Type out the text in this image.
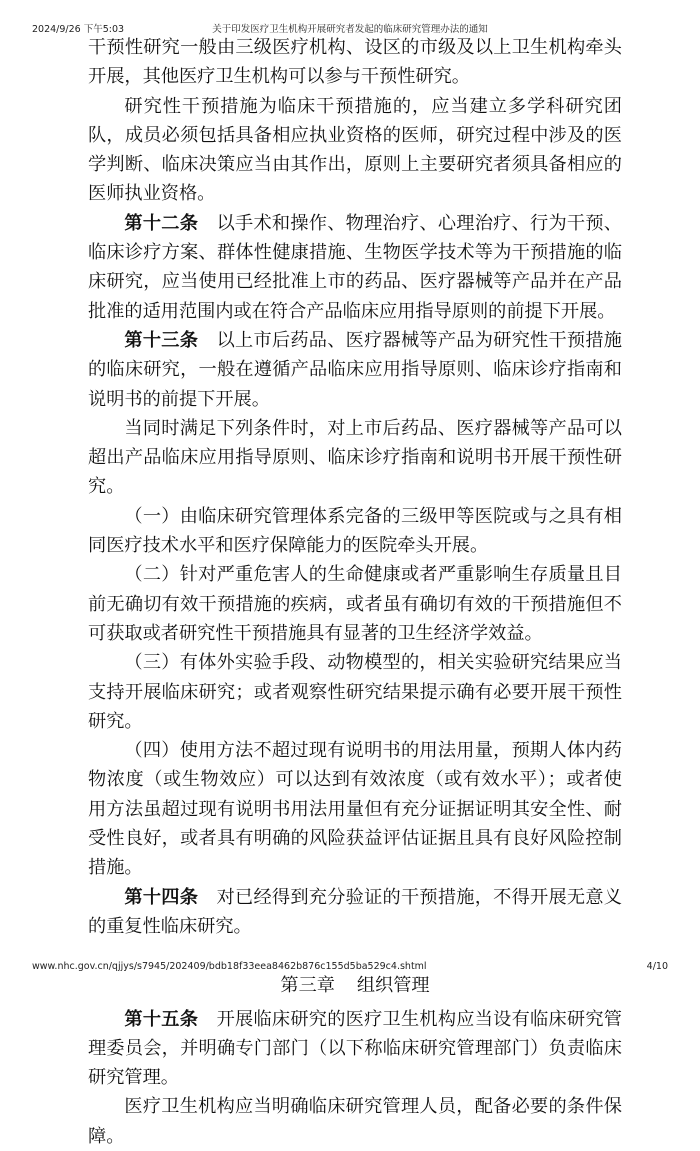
2024/9/26 下午5:03	关于印发医疗卫生机构开展研究者发起的临床研究管理办法的通知

干预性研究一般由三级医疗机构、设区的市级及以上卫生机构牵头开展，其他医疗卫生机构可以参与干预性研究。

研究性干预措施为临床干预措施的，应当建立多学科研究团队，成员必须包括具备相应执业资格的医师，研究过程中涉及的医学判断、临床决策应当由其作出，原则上主要研究者须具备相应的医师执业资格。

第十二条　 以手术和操作、物理治疗、心理治疗、行为干预、临床诊疗方案、群体性健康措施、生物医学技术等为干预措施的临床研究，应当使用已经批准上市的药品、医疗器械等产品并在产品批准的适用范围内或在符合产品临床应用指导原则的前提下开展。

第十三条　 以上市后药品、医疗器械等产品为研究性干预措施的临床研究，一般在遵循产品临床应用指导原则、临床诊疗指南和说明书的前提下开展。

当同时满足下列条件时，对上市后药品、医疗器械等产品可以超出产品临床应用指导原则、临床诊疗指南和说明书开展干预性研究。

（一）由临床研究管理体系完备的三级甲等医院或与之具有相同医疗技术水平和医疗保障能力的医院牵头开展。

（二）针对严重危害人的生命健康或者严重影响生存质量且目前无确切有效干预措施的疾病，或者虽有确切有效的干预措施但不可获取或者研究性干预措施具有显著的卫生经济学效益。

（三）有体外实验手段、动物模型的，相关实验研究结果应当支持开展临床研究；或者观察性研究结果提示确有必要开展干预性研究。

（四）使用方法不超过现有说明书的用法用量，预期人体内药物浓度（或生物效应）可以达到有效浓度（或有效水平）；或者使用方法虽超过现有说明书用法用量但有充分证据证明其安全性、耐受性良好，或者具有明确的风险获益评估证据且具有良好风险控制措施。

第十四条　 对已经得到充分验证的干预措施，不得开展无意义的重复性临床研究。

第三章 组织管理

第十五条　 开展临床研究的医疗卫生机构应当设有临床研究管理委员会，并明确专门部门（以下称临床研究管理部门）负责临床研究管理。

医疗卫生机构应当明确临床研究管理人员，配备必要的条件保障。

www.nhc.gov.cn/qjjys/s7945/202409/bdb18f33eea8462b876c155d5ba529c4.shtml	4/10
